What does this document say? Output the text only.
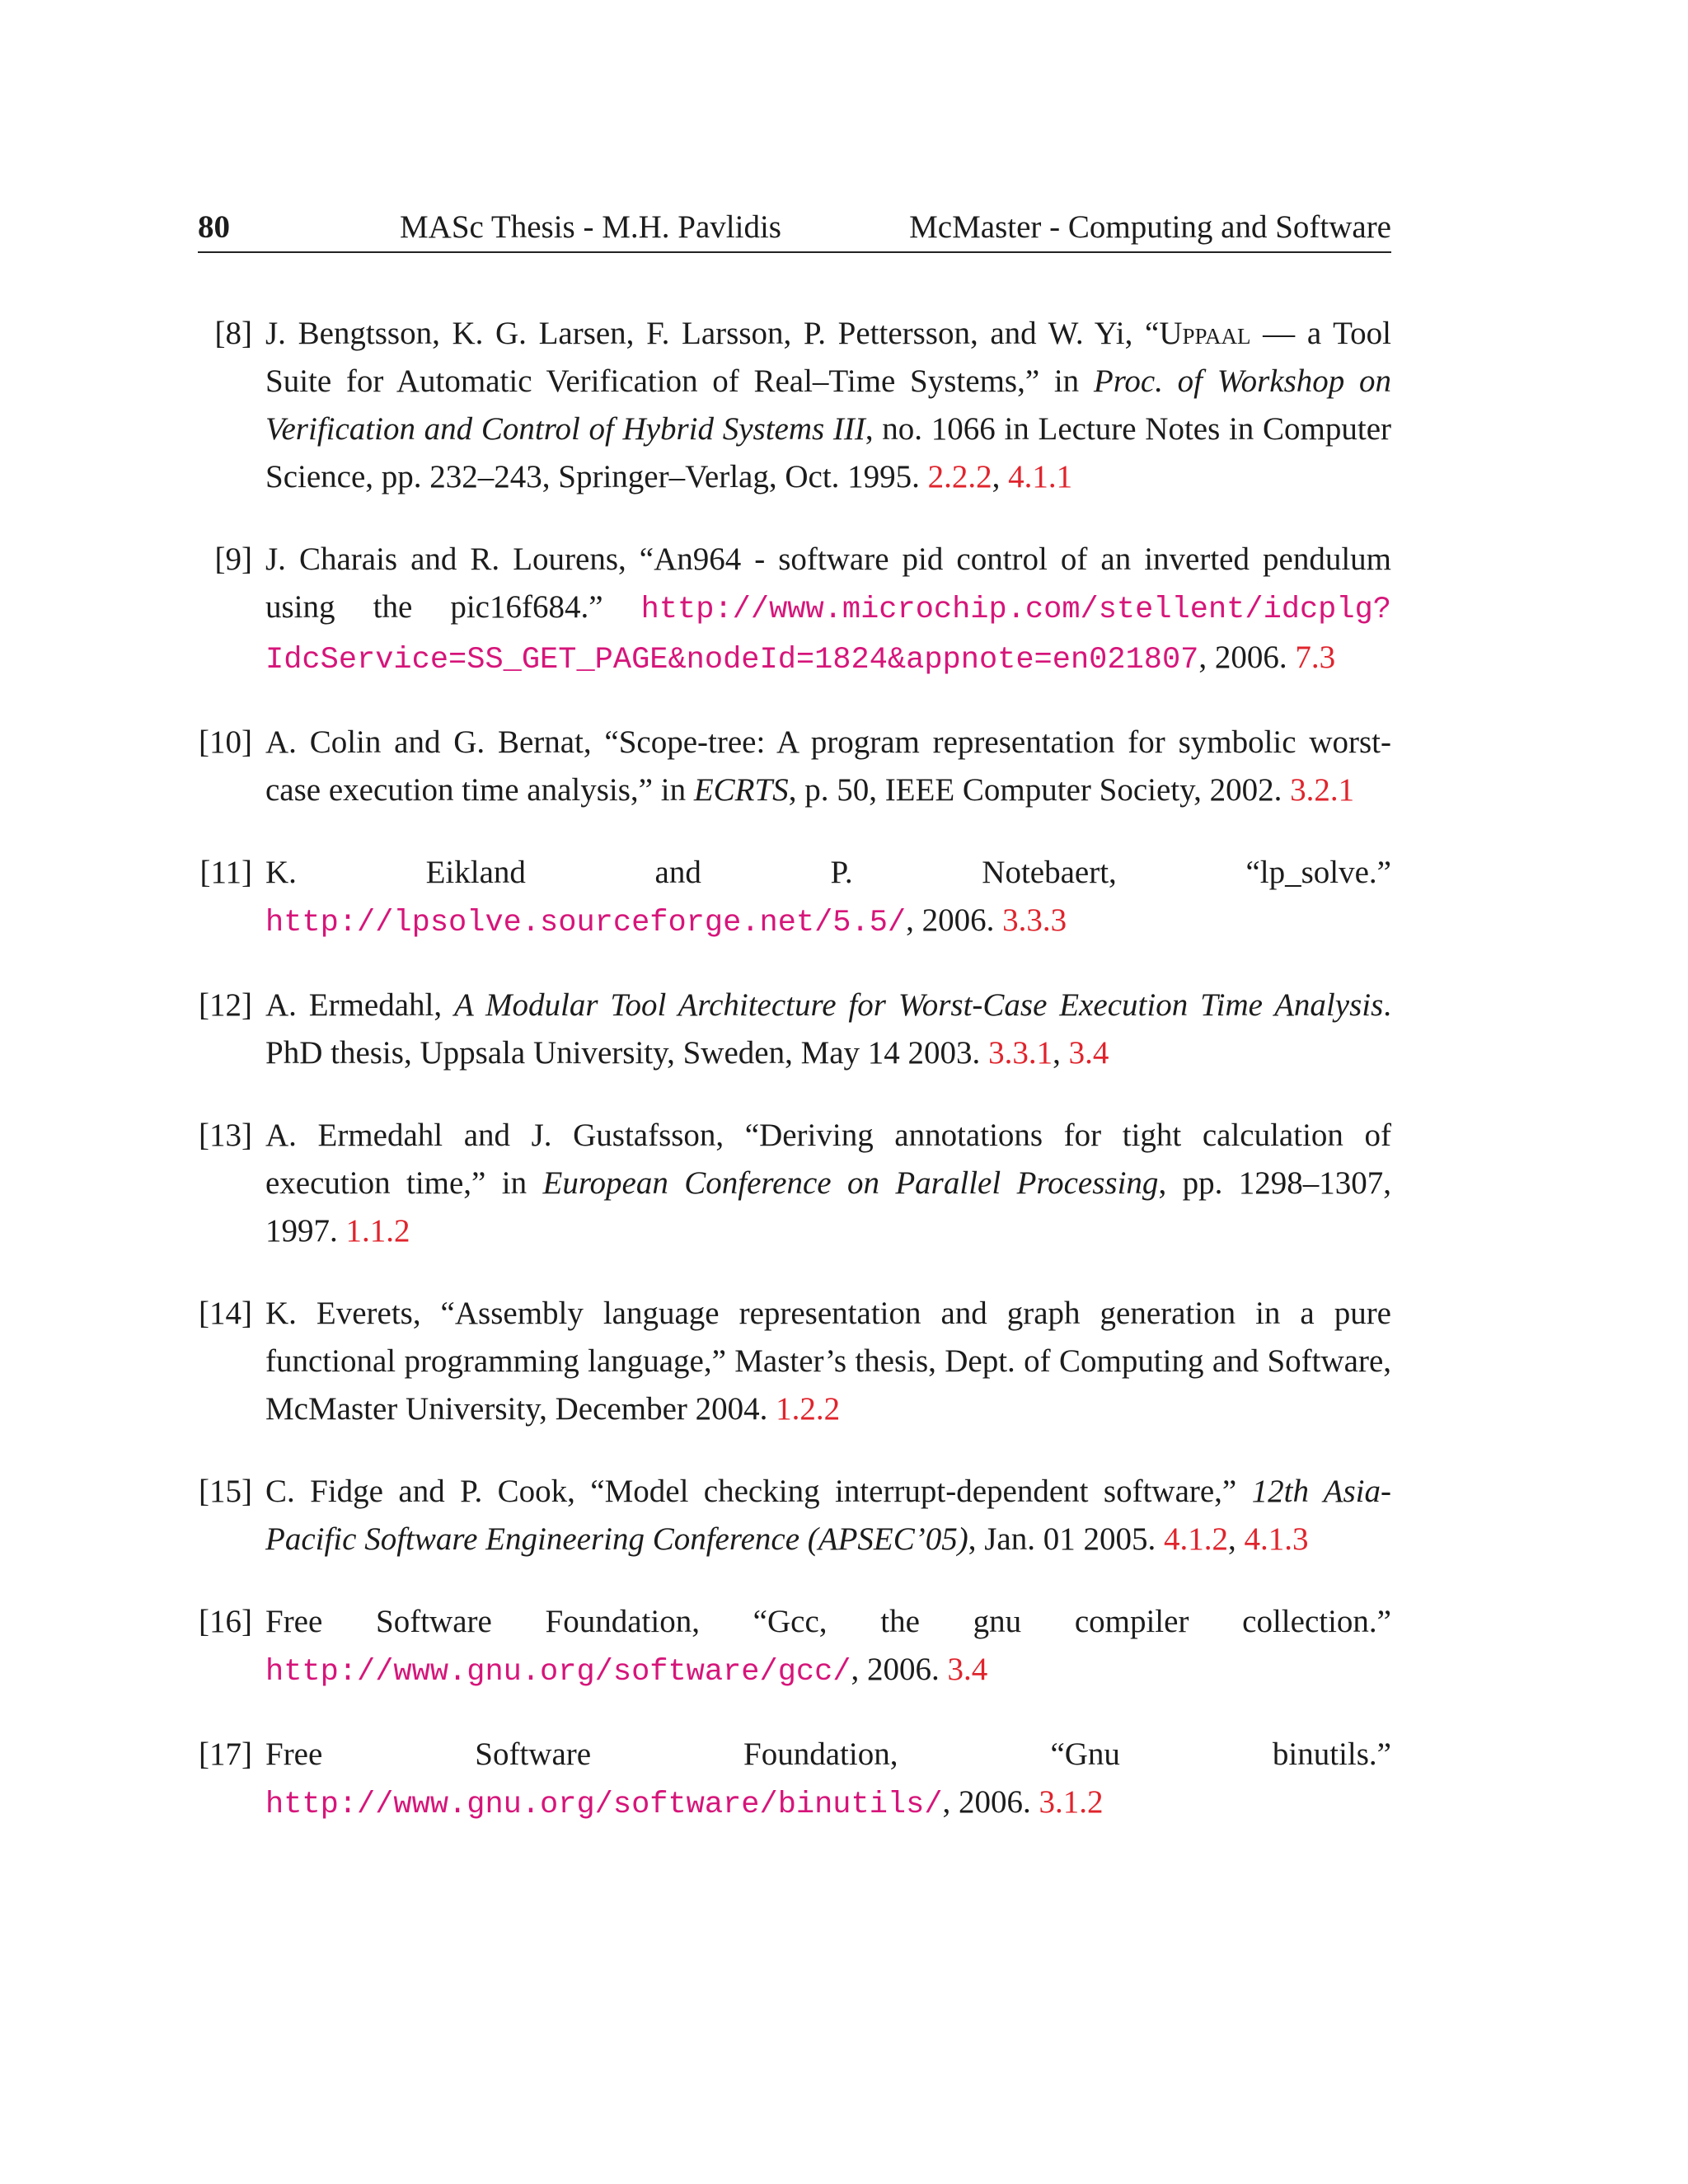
80	MASc Thesis - M.H. Pavlidis	McMaster - Computing and Software
[8] J. Bengtsson, K. G. Larsen, F. Larsson, P. Pettersson, and W. Yi, “Uppaal — a Tool Suite for Automatic Verification of Real–Time Systems,” in Proc. of Workshop on Verification and Control of Hybrid Systems III, no. 1066 in Lecture Notes in Computer Science, pp. 232–243, Springer–Verlag, Oct. 1995. 2.2.2, 4.1.1
[9] J. Charais and R. Lourens, “An964 - software pid control of an inverted pendulum using the pic16f684.” http://www.microchip.com/stellent/idcplg?IdcService=SS_GET_PAGE&nodeId=1824&appnote=en021807, 2006. 7.3
[10] A. Colin and G. Bernat, “Scope-tree: A program representation for symbolic worst-case execution time analysis,” in ECRTS, p. 50, IEEE Computer Society, 2002. 3.2.1
[11] K. Eikland and P. Notebaert, “lp_solve.” http://lpsolve.sourceforge.net/5.5/, 2006. 3.3.3
[12] A. Ermedahl, A Modular Tool Architecture for Worst-Case Execution Time Analysis. PhD thesis, Uppsala University, Sweden, May 14 2003. 3.3.1, 3.4
[13] A. Ermedahl and J. Gustafsson, “Deriving annotations for tight calculation of execution time,” in European Conference on Parallel Processing, pp. 1298–1307, 1997. 1.1.2
[14] K. Everets, “Assembly language representation and graph generation in a pure functional programming language,” Master’s thesis, Dept. of Computing and Software, McMaster University, December 2004. 1.2.2
[15] C. Fidge and P. Cook, “Model checking interrupt-dependent software,” 12th Asia-Pacific Software Engineering Conference (APSEC’05), Jan. 01 2005. 4.1.2, 4.1.3
[16] Free Software Foundation, “Gcc, the gnu compiler collection.” http://www.gnu.org/software/gcc/, 2006. 3.4
[17] Free Software Foundation, “Gnu binutils.” http://www.gnu.org/software/binutils/, 2006. 3.1.2
